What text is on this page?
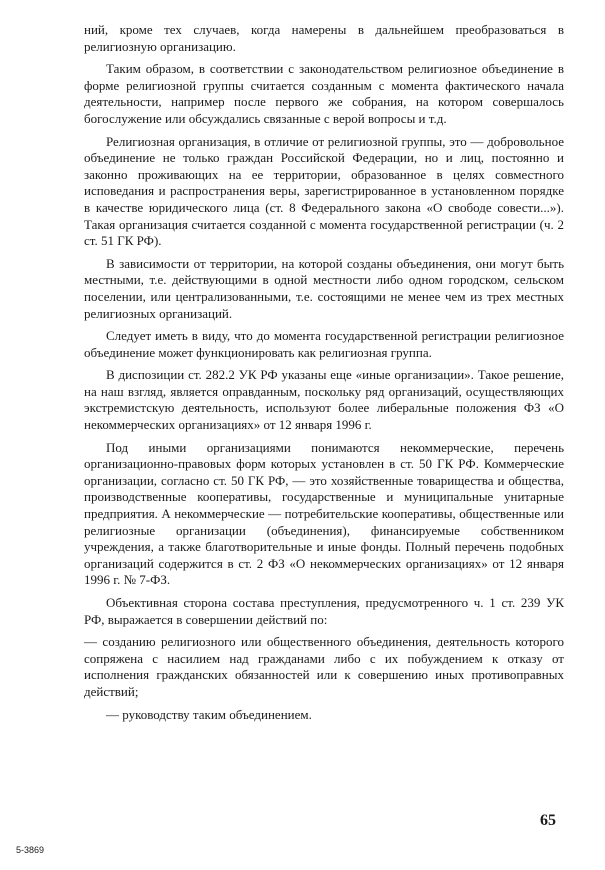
ний, кроме тех случаев, когда намерены в дальнейшем преобразоваться в религиозную организацию.

Таким образом, в соответствии с законодательством религиозное объединение в форме религиозной группы считается созданным с момента фактического начала деятельности, например после первого же собрания, на котором совершалось богослужение или обсуждались связанные с верой вопросы и т.д.

Религиозная организация, в отличие от религиозной группы, это — добровольное объединение не только граждан Российской Федерации, но и лиц, постоянно и законно проживающих на ее территории, образованное в целях совместного исповедания и распространения веры, зарегистрированное в установленном порядке в качестве юридического лица (ст. 8 Федерального закона «О свободе совести...»). Такая организация считается созданной с момента государственной регистрации (ч. 2 ст. 51 ГК РФ).

В зависимости от территории, на которой созданы объединения, они могут быть местными, т.е. действующими в одной местности либо одном городском, сельском поселении, или централизованными, т.е. состоящими не менее чем из трех местных религиозных организаций.

Следует иметь в виду, что до момента государственной регистрации религиозное объединение может функционировать как религиозная группа.

В диспозиции ст. 282.2 УК РФ указаны еще «иные организации». Такое решение, на наш взгляд, является оправданным, поскольку ряд организаций, осуществляющих экстремистскую деятельность, используют более либеральные положения ФЗ «О некоммерческих организациях» от 12 января 1996 г.

Под иными организациями понимаются некоммерческие, перечень организационно-правовых форм которых установлен в ст. 50 ГК РФ. Коммерческие организации, согласно ст. 50 ГК РФ, — это хозяйственные товарищества и общества, производственные кооперативы, государственные и муниципальные унитарные предприятия. А некоммерческие — потребительские кооперативы, общественные или религиозные организации (объединения), финансируемые собственником учреждения, а также благотворительные и иные фонды. Полный перечень подобных организаций содержится в ст. 2 ФЗ «О некоммерческих организациях» от 12 января 1996 г. № 7-ФЗ.

Объективная сторона состава преступления, предусмотренного ч. 1 ст. 239 УК РФ, выражается в совершении действий по:

— созданию религиозного или общественного объединения, деятельность которого сопряжена с насилием над гражданами либо с их побуждением к отказу от исполнения гражданских обязанностей или к совершению иных противоправных действий;

— руководству таким объединением.

65
5-3869
